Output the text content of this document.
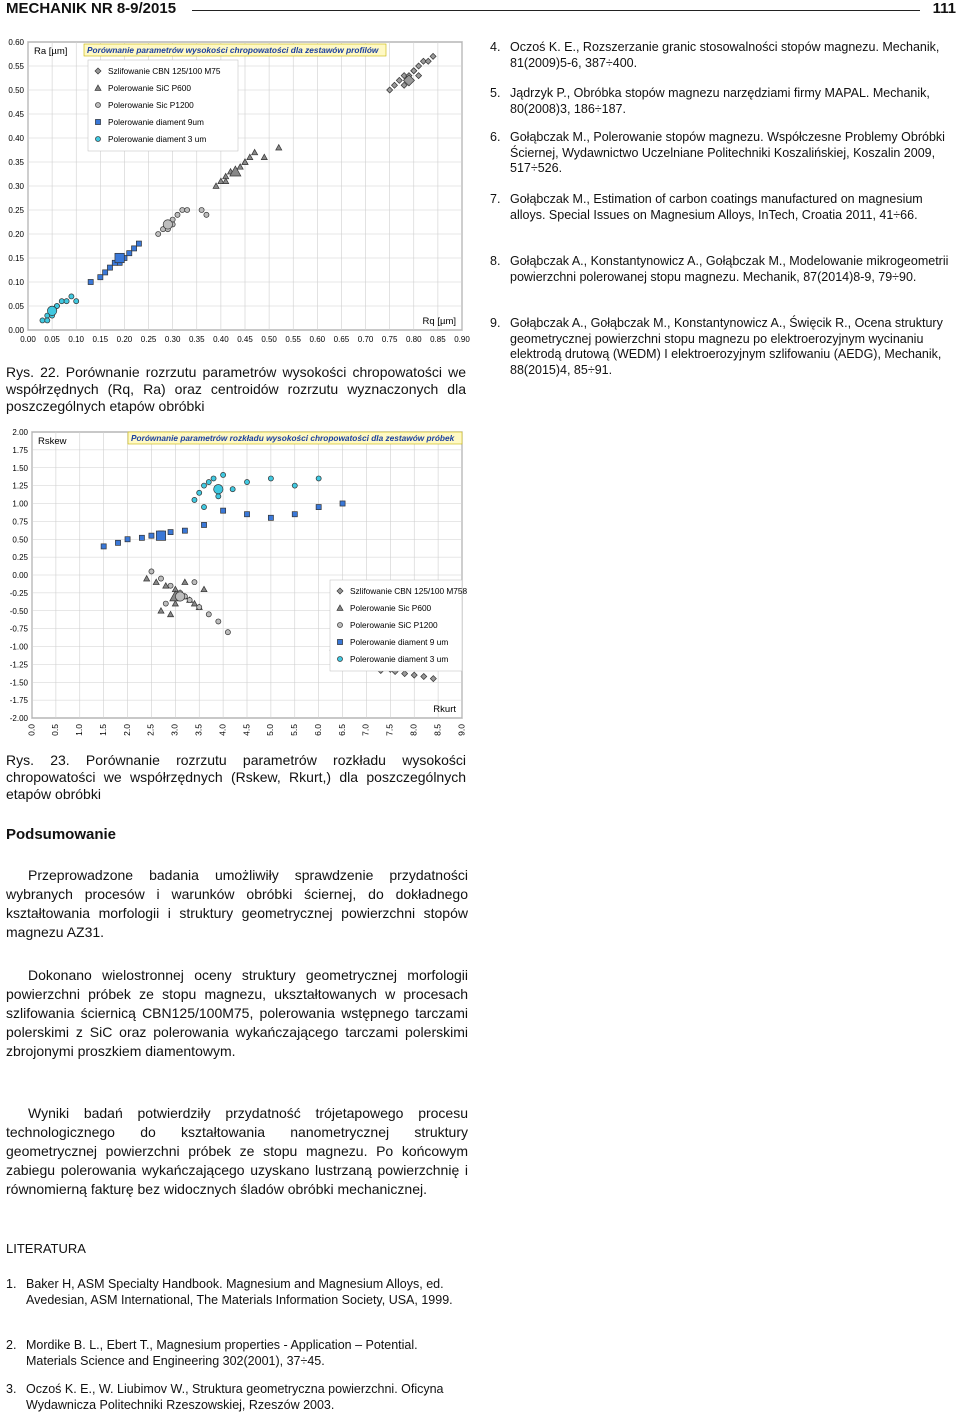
MECHANIK NR 8-9/2015	111
0.00 0.05 0.10 0.15 0.20 0.25 0.30 0.35 0.40 0.45 0.50 0.55 0.60 0.65 0.70 0.75 0.80 0.85 0.90
0.00
0.05
0.10
0.15
0.20
0.25
0.30
0.35
0.40
0.45
0.50
0.55
0.60
Ra [µm]
Rq [µm]
Porównanie parametrów wysokości chropowatości dla zestawów profilów
Szlifowanie CBN 125/100 M75
Polerowanie SiC P600
Polerowanie Sic P1200
Polerowanie diament 9um
Polerowanie diament 3 um
Rys. 22. Porównanie rozrzutu parametrów wysokości chropowatości we współrzędnych (Rq, Ra) oraz centroidów rozrzutu wyznaczonych dla poszczególnych etapów obróbki
0.0 0.5 1.0 1.5 2.0 2.5 3.0 3.5 4.0 4.5 5.0 5.5 6.0 6.5 7.0 7.5 8.0 8.5 9.0
-2.00
-1.75
-1.50
-1.25
-1.00
-0.75
-0.50
-0.25
0.00
0.25
0.50
0.75
1.00
1.25
1.50
1.75
2.00
Rskew
Rkurt
Porównanie parametrów rozkładu wysokości chropowatości dla zestawów próbek
Szlifowanie CBN 125/100 M758
Polerowanie Sic P600
Polerowanie SiC P1200
Polerowanie diament 9 um
Polerowanie diament 3 um
Rys. 23. Porównanie rozrzutu parametrów rozkładu wysokości chropowatości we współrzędnych (Rskew, Rkurt,) dla poszczególnych etapów obróbki
Podsumowanie
Przeprowadzone badania umożliwiły sprawdzenie przydatności wybranych procesów i warunków obróbki ściernej, do dokładnego kształtowania morfologii i struktury geometrycznej powierzchni stopów magnezu AZ31.
Dokonano wielostronnej oceny struktury geometrycznej morfologii powierzchni próbek ze stopu magnezu, ukształtowanych w procesach szlifowania ściernicą CBN125/100M75, polerowania wstępnego tarczami polerskimi z SiC oraz polerowania wykańczającego tarczami polerskimi zbrojonymi proszkiem diamentowym.
Wyniki badań potwierdziły przydatność trójetapowego procesu technologicznego do kształtowania nanometrycznej struktury geometrycznej powierzchni próbek ze stopu magnezu. Po końcowym zabiegu polerowania wykańczającego uzyskano lustrzaną powierzchnię i równomierną fakturę bez widocznych śladów obróbki mechanicznej.
LITERATURA
1. Baker H, ASM Specialty Handbook. Magnesium and Magnesium Alloys, ed. Avedesian, ASM International, The Materials Information Society, USA, 1999.
2. Mordike B. L., Ebert T., Magnesium properties - Application – Potential. Materials Science and Engineering 302(2001), 37÷45.
3. Oczoś K. E., W. Liubimov W., Struktura geometryczna powierzchni. Oficyna Wydawnicza Politechniki Rzeszowskiej, Rzeszów 2003.
4. Oczoś K. E., Rozszerzanie granic stosowalności stopów magnezu. Mechanik, 81(2009)5-6, 387÷400.
5. Jądrzyk P., Obróbka stopów magnezu narzędziami firmy MAPAL. Mechanik, 80(2008)3, 186÷187.
6. Gołąbczak M., Polerowanie stopów magnezu. Współczesne Problemy Obróbki Ściernej, Wydawnictwo Uczelniane Politechniki Koszalińskiej, Koszalin 2009, 517÷526.
7. Gołąbczak M., Estimation of carbon coatings manufactured on magnesium alloys. Special Issues on Magnesium Alloys, InTech, Croatia 2011, 41÷66.
8. Gołąbczak A., Konstantynowicz A., Gołąbczak M., Modelowanie mikrogeometrii powierzchni polerowanej stopu magnezu. Mechanik, 87(2014)8-9, 79÷90.
9. Gołąbczak A., Gołąbczak M., Konstantynowicz A., Święcik R., Ocena struktury geometrycznej powierzchni stopu magnezu po elektroerozyjnym wycinaniu elektrodą drutową (WEDM) I elektroerozyjnym szlifowaniu (AEDG), Mechanik, 88(2015)4, 85÷91.
